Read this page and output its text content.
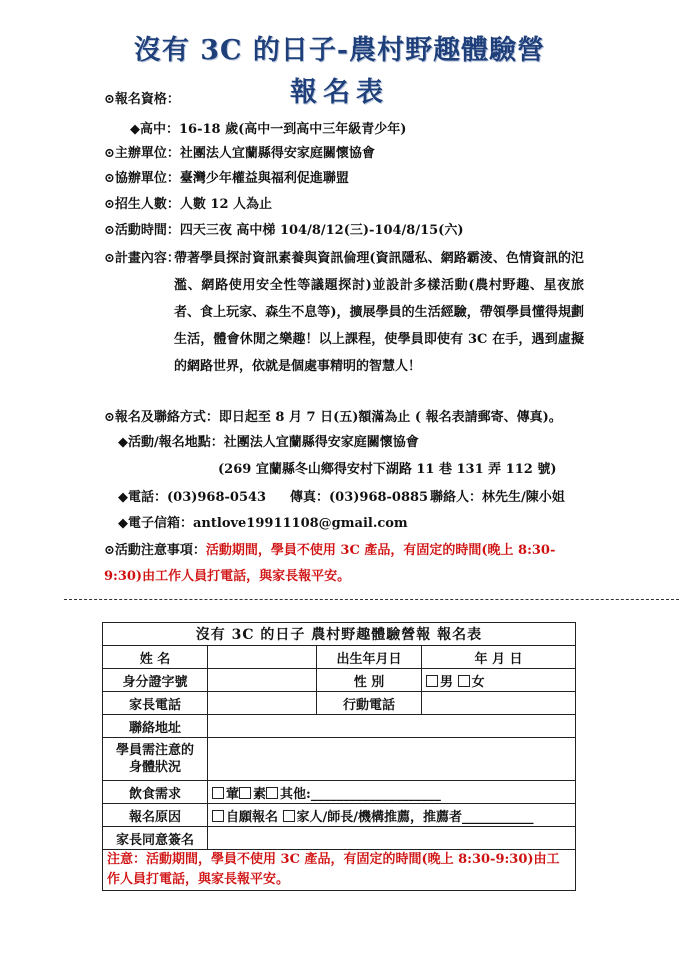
沒有 3C 的日子-農村野趣體驗營
報名表
⊙報名資格：
◆高中：16-18 歲(高中一到高中三年級青少年)
⊙主辦單位：社團法人宜蘭縣得安家庭關懷協會
⊙協辦單位：臺灣少年權益與福利促進聯盟
⊙招生人數：人數 12 人為止
⊙活動時間：四天三夜 高中梯 104/8/12(三)-104/8/15(六)
⊙計畫內容：
帶著學員探討資訊素養與資訊倫理(資訊隱私、網路霸淩、色情資訊的氾濫、網路使用安全性等議題探討)並設計多樣活動(農村野趣、星夜旅者、食上玩家、森生不息等)，擴展學員的生活經驗，帶領學員懂得規劃生活，體會休閒之樂趣！以上課程，使學員即使有 3C 在手，遇到虛擬的網路世界，依就是個處事精明的智慧人！
⊙報名及聯絡方式：即日起至 8 月 7 日(五)額滿為止 ( 報名表請郵寄、傳真)。
◆活動/報名地點：社團法人宜蘭縣得安家庭關懷協會
(269 宜蘭縣冬山鄉得安村下湖路 11 巷 131 弄 112 號)
◆電話：(03)968-0543 傳真：(03)968-0885 聯絡人：林先生/陳小姐
◆電子信箱：antlove19911108@gmail.com
⊙活動注意事項：活動期間，學員不使用 3C 產品，有固定的時間(晚上 8:30-
9:30)由工作人員打電話，與家長報平安。
沒有 3C 的日子 農村野趣體驗營報 報名表			
姓 名		出生年月日	年 月 日
身分證字號		性 別	男 女
家長電話		行動電話	
聯絡地址			
學員需注意的
身體狀況			
飲食需求	葷 素 其他:____________________		
報名原因	自願報名 家人/師長/機構推薦，推薦者___________		
家長同意簽名			
注意：活動期間，學員不使用 3C 產品，有固定的時間(晚上 8:30-9:30)由工作人員打電話，與家長報平安。			
